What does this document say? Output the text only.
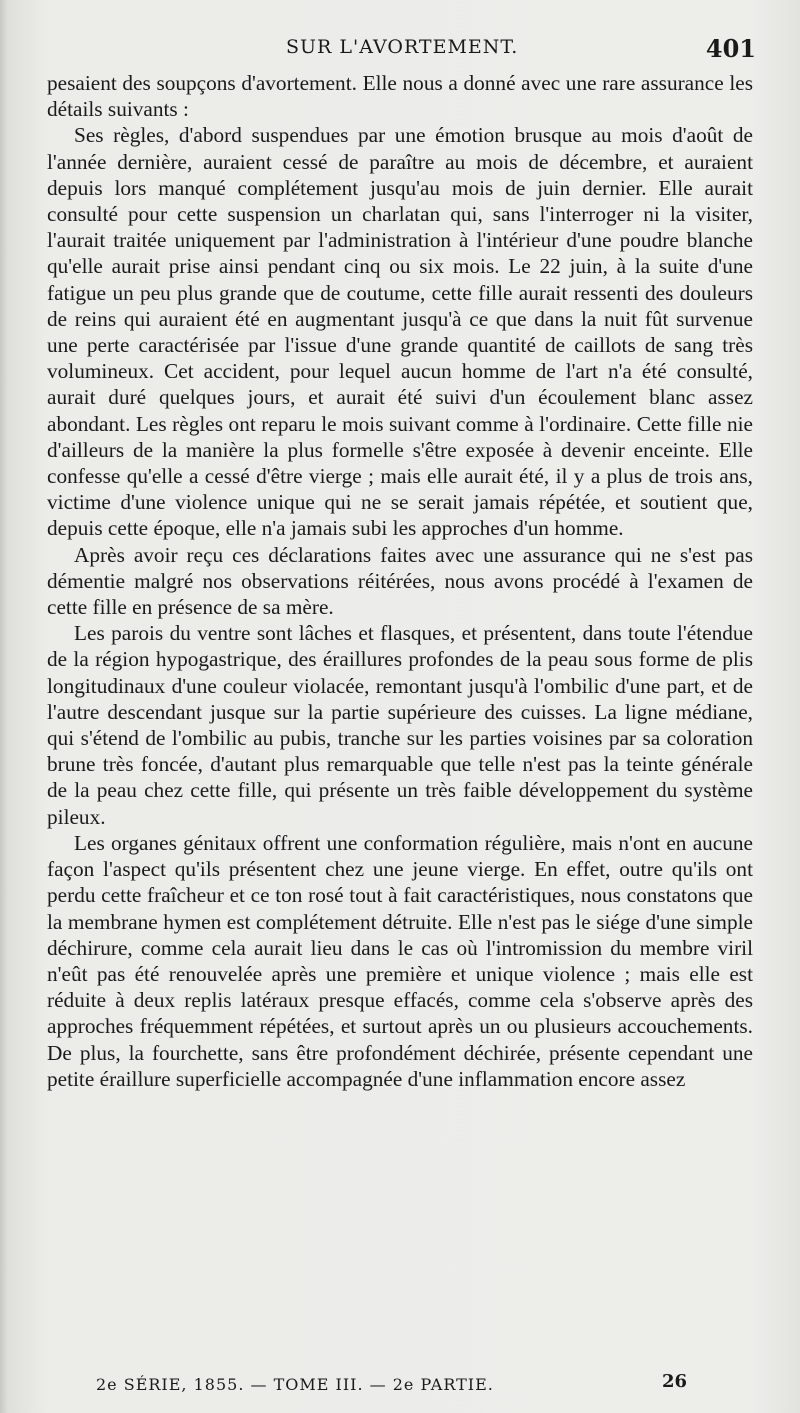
SUR L'AVORTEMENT.	401

pesaient des soupçons d'avortement. Elle nous a donné avec une rare assurance les détails suivants :

Ses règles, d'abord suspendues par une émotion brusque au mois d'août de l'année dernière, auraient cessé de paraître au mois de décembre, et auraient depuis lors manqué complétement jusqu'au mois de juin dernier. Elle aurait consulté pour cette suspension un charlatan qui, sans l'interroger ni la visiter, l'aurait traitée uniquement par l'administration à l'intérieur d'une poudre blanche qu'elle aurait prise ainsi pendant cinq ou six mois. Le 22 juin, à la suite d'une fatigue un peu plus grande que de coutume, cette fille aurait ressenti des douleurs de reins qui auraient été en augmentant jusqu'à ce que dans la nuit fût survenue une perte caractérisée par l'issue d'une grande quantité de caillots de sang très volumineux. Cet accident, pour lequel aucun homme de l'art n'a été consulté, aurait duré quelques jours, et aurait été suivi d'un écoulement blanc assez abondant. Les règles ont reparu le mois suivant comme à l'ordinaire. Cette fille nie d'ailleurs de la manière la plus formelle s'être exposée à devenir enceinte. Elle confesse qu'elle a cessé d'être vierge ; mais elle aurait été, il y a plus de trois ans, victime d'une violence unique qui ne se serait jamais répétée, et soutient que, depuis cette époque, elle n'a jamais subi les approches d'un homme.

Après avoir reçu ces déclarations faites avec une assurance qui ne s'est pas démentie malgré nos observations réitérées, nous avons procédé à l'examen de cette fille en présence de sa mère.

Les parois du ventre sont lâches et flasques, et présentent, dans toute l'étendue de la région hypogastrique, des éraillures profondes de la peau sous forme de plis longitudinaux d'une couleur violacée, remontant jusqu'à l'ombilic d'une part, et de l'autre descendant jusque sur la partie supérieure des cuisses. La ligne médiane, qui s'étend de l'ombilic au pubis, tranche sur les parties voisines par sa coloration brune très foncée, d'autant plus remarquable que telle n'est pas la teinte générale de la peau chez cette fille, qui présente un très faible développement du système pileux.

Les organes génitaux offrent une conformation régulière, mais n'ont en aucune façon l'aspect qu'ils présentent chez une jeune vierge. En effet, outre qu'ils ont perdu cette fraîcheur et ce ton rosé tout à fait caractéristiques, nous constatons que la membrane hymen est complétement détruite. Elle n'est pas le siége d'une simple déchirure, comme cela aurait lieu dans le cas où l'intromission du membre viril n'eût pas été renouvelée après une première et unique violence ; mais elle est réduite à deux replis latéraux presque effacés, comme cela s'observe après des approches fréquemment répétées, et surtout après un ou plusieurs accouchements. De plus, la fourchette, sans être profondément déchirée, présente cependant une petite éraillure superficielle accompagnée d'une inflammation encore assez

2e SÉRIE, 1855. — TOME III. — 2e PARTIE.	26
